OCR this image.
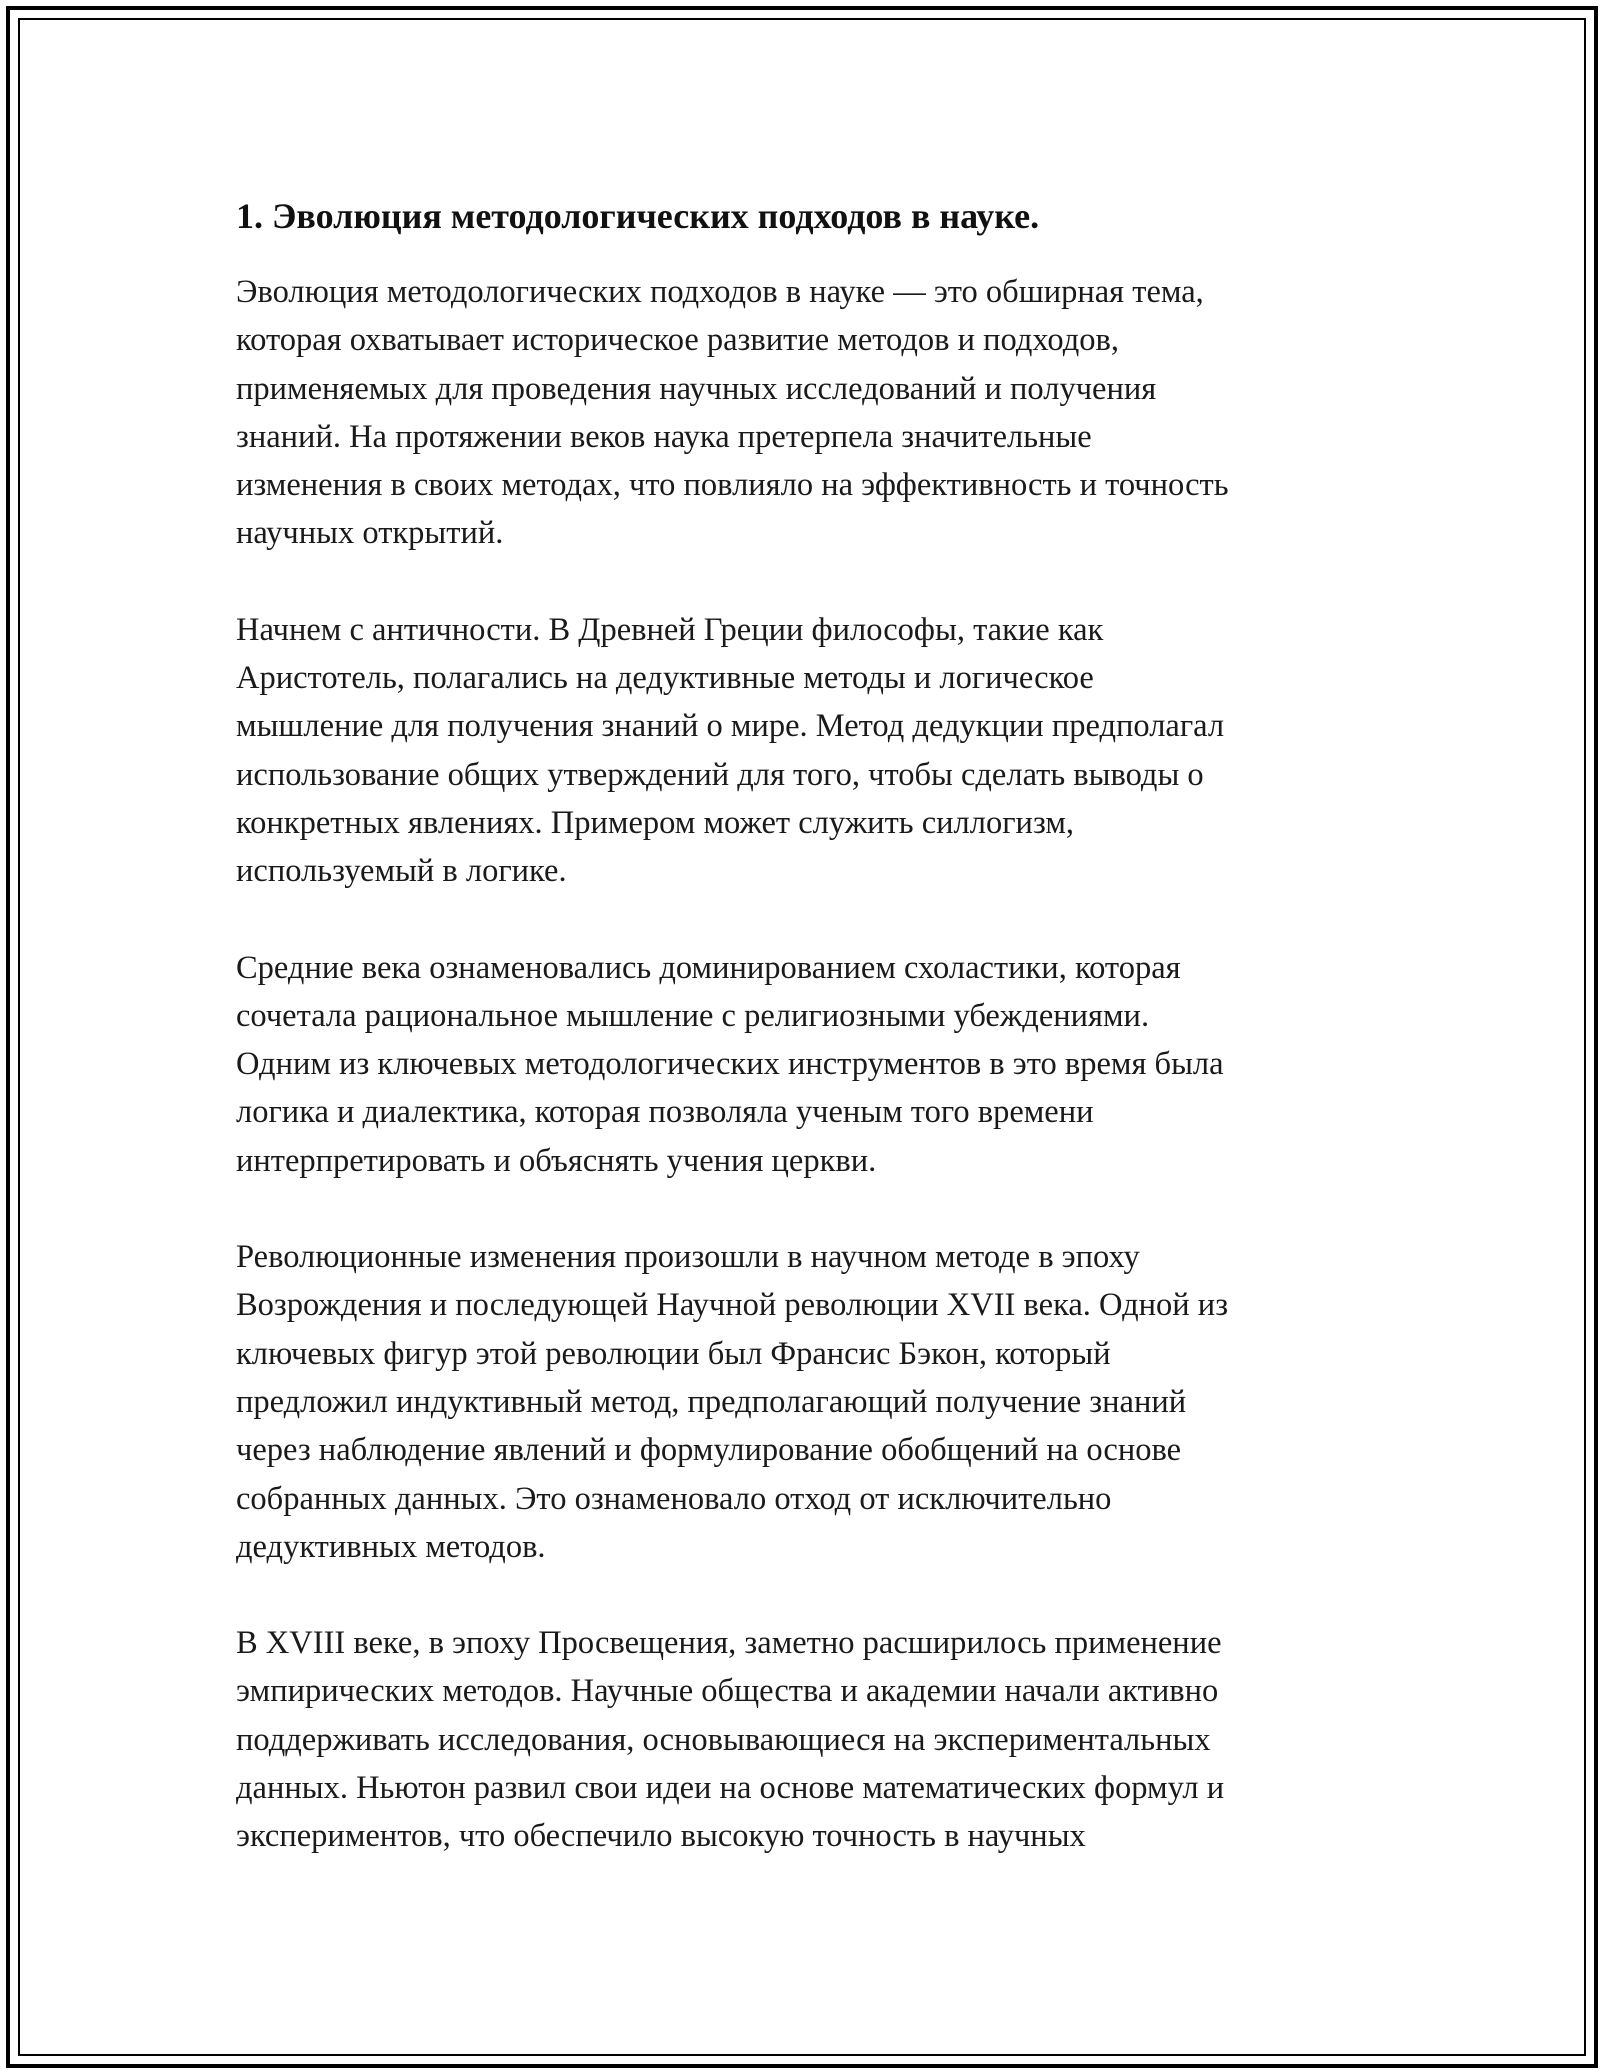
1. Эволюция методологических подходов в науке.

Эволюция методологических подходов в науке — это обширная тема,
которая охватывает историческое развитие методов и подходов,
применяемых для проведения научных исследований и получения
знаний. На протяжении веков наука претерпела значительные
изменения в своих методах, что повлияло на эффективность и точность
научных открытий.

Начнем с античности. В Древней Греции философы, такие как
Аристотель, полагались на дедуктивные методы и логическое
мышление для получения знаний о мире. Метод дедукции предполагал
использование общих утверждений для того, чтобы сделать выводы о
конкретных явлениях. Примером может служить силлогизм,
используемый в логике.

Средние века ознаменовались доминированием схоластики, которая
сочетала рациональное мышление с религиозными убеждениями.
Одним из ключевых методологических инструментов в это время была
логика и диалектика, которая позволяла ученым того времени
интерпретировать и объяснять учения церкви.

Революционные изменения произошли в научном методе в эпоху
Возрождения и последующей Научной революции XVII века. Одной из
ключевых фигур этой революции был Франсис Бэкон, который
предложил индуктивный метод, предполагающий получение знаний
через наблюдение явлений и формулирование обобщений на основе
собранных данных. Это ознаменовало отход от исключительно
дедуктивных методов.

В XVIII веке, в эпоху Просвещения, заметно расширилось применение
эмпирических методов. Научные общества и академии начали активно
поддерживать исследования, основывающиеся на экспериментальных
данных. Ньютон развил свои идеи на основе математических формул и
экспериментов, что обеспечило высокую точность в научных
